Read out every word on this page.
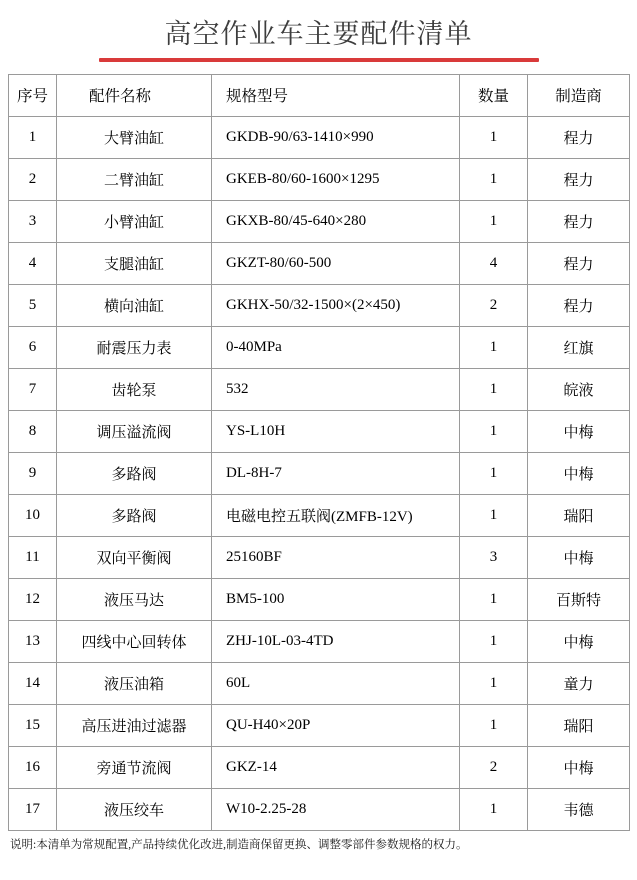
高空作业车主要配件清单
序号	配件名称	规格型号	数量	制造商
1	大臂油缸	GKDB-90/63-1410×990	1	程力
2	二臂油缸	GKEB-80/60-1600×1295	1	程力
3	小臂油缸	GKXB-80/45-640×280	1	程力
4	支腿油缸	GKZT-80/60-500	4	程力
5	横向油缸	GKHX-50/32-1500×(2×450)	2	程力
6	耐震压力表	0-40MPa	1	红旗
7	齿轮泵	532	1	皖液
8	调压溢流阀	YS-L10H	1	中梅
9	多路阀	DL-8H-7	1	中梅
10	多路阀	电磁电控五联阀(ZMFB-12V)	1	瑞阳
11	双向平衡阀	25160BF	3	中梅
12	液压马达	BM5-100	1	百斯特
13	四线中心回转体	ZHJ-10L-03-4TD	1	中梅
14	液压油箱	60L	1	童力
15	高压进油过滤器	QU-H40×20P	1	瑞阳
16	旁通节流阀	GKZ-14	2	中梅
17	液压绞车	W10-2.25-28	1	韦德
说明:本清单为常规配置,产品持续优化改进,制造商保留更换、调整零部件参数规格的权力。
